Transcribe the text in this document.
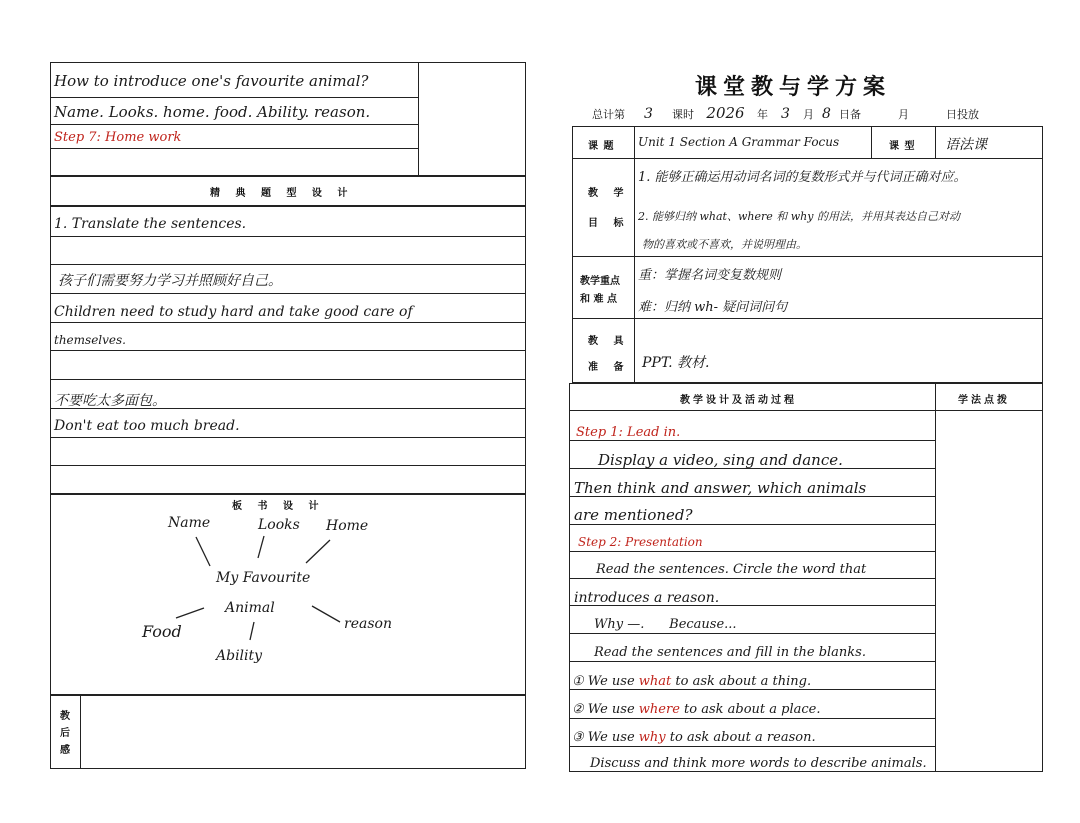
How to introduce one's favourite animal?
Name. Looks. home. food. Ability. reason.
Step 7: Home work
精 典 题 型 设 计
1. Translate the sentences.
孩子们需要努力学习并照顾好自己。
Children need to study hard and take good care of
themselves.
不要吃太多面包。
Don't eat too much bread.
板 书 设 计
Name	Looks Home
My Favourite
Animal
Food	reason
Ability
教后感
课堂教与学方案
总计第 3 课时 2026 年 3 月 8 日备	月	日投放
课 题 Unit 1 Section A Grammar Focus	课 型 语法课
教 学
目 标
1. 能够正确运用动词名词的复数形式并与代词正确对应。
2. 能够归纳 what、where 和 why 的用法，并用其表达自己对动
物的喜欢或不喜欢，并说明理由。
教学重点
和 难 点
重：掌握名词变复数规则
难：归纳 wh- 疑问词问句
教 具
准 备 PPT. 教材.
教学设计及活动过程	学法点拨
Step 1: Lead in.
Display a video, sing and dance.
Then think and answer, which animals
are mentioned?
Step 2: Presentation
Read the sentences. Circle the word that
introduces a reason.
Why —.      Because...
Read the sentences and fill in the blanks.
① We use what to ask about a thing.
② We use where to ask about a place.
③ We use why to ask about a reason.
Discuss and think more words to describe animals.
